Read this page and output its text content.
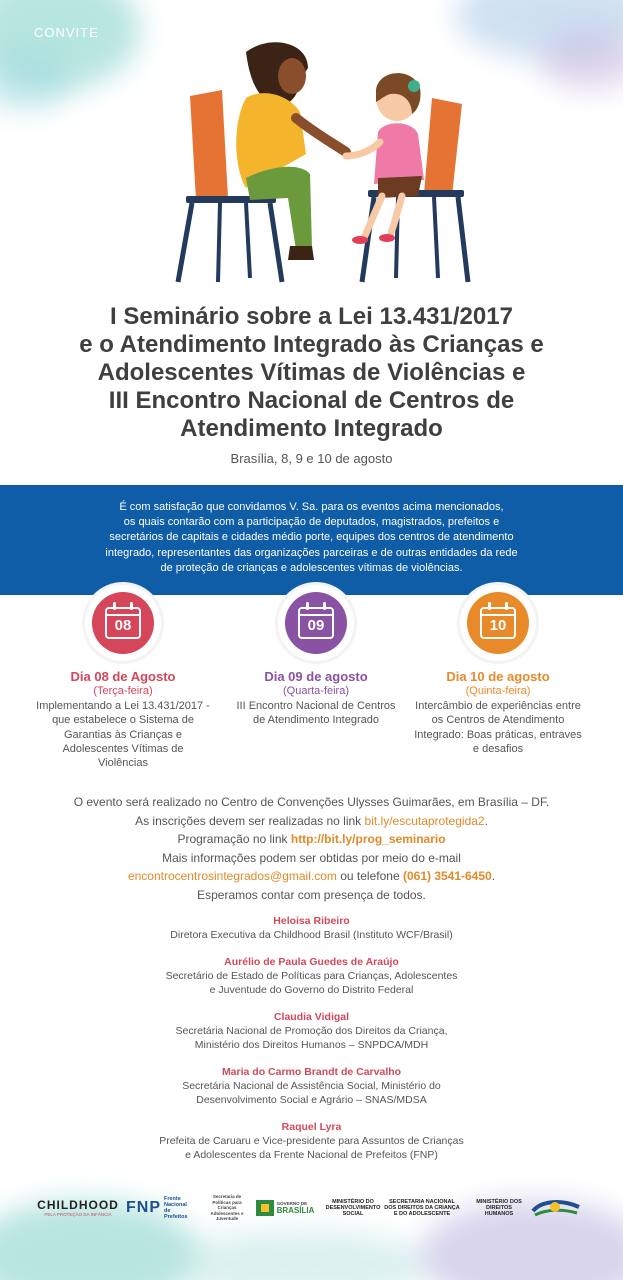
CONVITE
I Seminário sobre a Lei 13.431/2017
e o Atendimento Integrado às Crianças e
Adolescentes Vítimas de Violências e
III Encontro Nacional de Centros de
Atendimento Integrado
Brasília, 8, 9 e 10 de agosto
É com satisfação que convidamos V. Sa. para os eventos acima mencionados,
os quais contarão com a participação de deputados, magistrados, prefeitos e
secretários de capitais e cidades médio porte, equipes dos centros de atendimento
integrado, representantes das organizações parceiras e de outras entidades da rede
de proteção de crianças e adolescentes vítimas de violências.
08
Dia 08 de Agosto
(Terça-feira)
Implementando a Lei 13.431/2017 - que estabelece o Sistema de Garantias às Crianças e Adolescentes Vítimas de Violências
09
Dia 09 de agosto
(Quarta-feira)
III Encontro Nacional de Centros de Atendimento Integrado
10
Dia 10 de agosto
(Quinta-feira)
Intercâmbio de experiências entre os Centros de Atendimento Integrado: Boas práticas, entraves e desafios
O evento será realizado no Centro de Convenções Ulysses Guimarães, em Brasília – DF.
As inscrições devem ser realizadas no link bit.ly/escutaprotegida2.
Programação no link http://bit.ly/prog_seminario
Mais informações podem ser obtidas por meio do e-mail
encontrocentrosintegrados@gmail.com ou telefone (061) 3541-6450.
Esperamos contar com presença de todos.
Heloisa Ribeiro
Diretora Executiva da Childhood Brasil (Instituto WCF/Brasil)
Aurélio de Paula Guedes de Araújo
Secretário de Estado de Políticas para Crianças, Adolescentes
e Juventude do Governo do Distrito Federal
Claudia Vidigal
Secretária Nacional de Promoção dos Direitos da Criança,
Ministério dos Direitos Humanos – SNPDCA/MDH
Maria do Carmo Brandt de Carvalho
Secretária Nacional de Assistência Social, Ministério do
Desenvolvimento Social e Agrário – SNAS/MDSA
Raquel Lyra
Prefeita de Caruaru e Vice-presidente para Assuntos de Crianças
e Adolescentes da Frente Nacional de Prefeitos (FNP)
CHILDHOOD
PELA PROTEÇÃO DA INFÂNCIA FNP
Frente Nacional de Prefeitos
Secretaria de Políticas para Crianças Adolescentes e Juventude
GOVERNO DE
BRASÍLIA
MINISTÉRIO DO DESENVOLVIMENTO SOCIAL
SECRETARIA NACIONAL DOS DIREITOS DA CRIANÇA E DO ADOLESCENTE
MINISTÉRIO DOS DIREITOS HUMANOS
